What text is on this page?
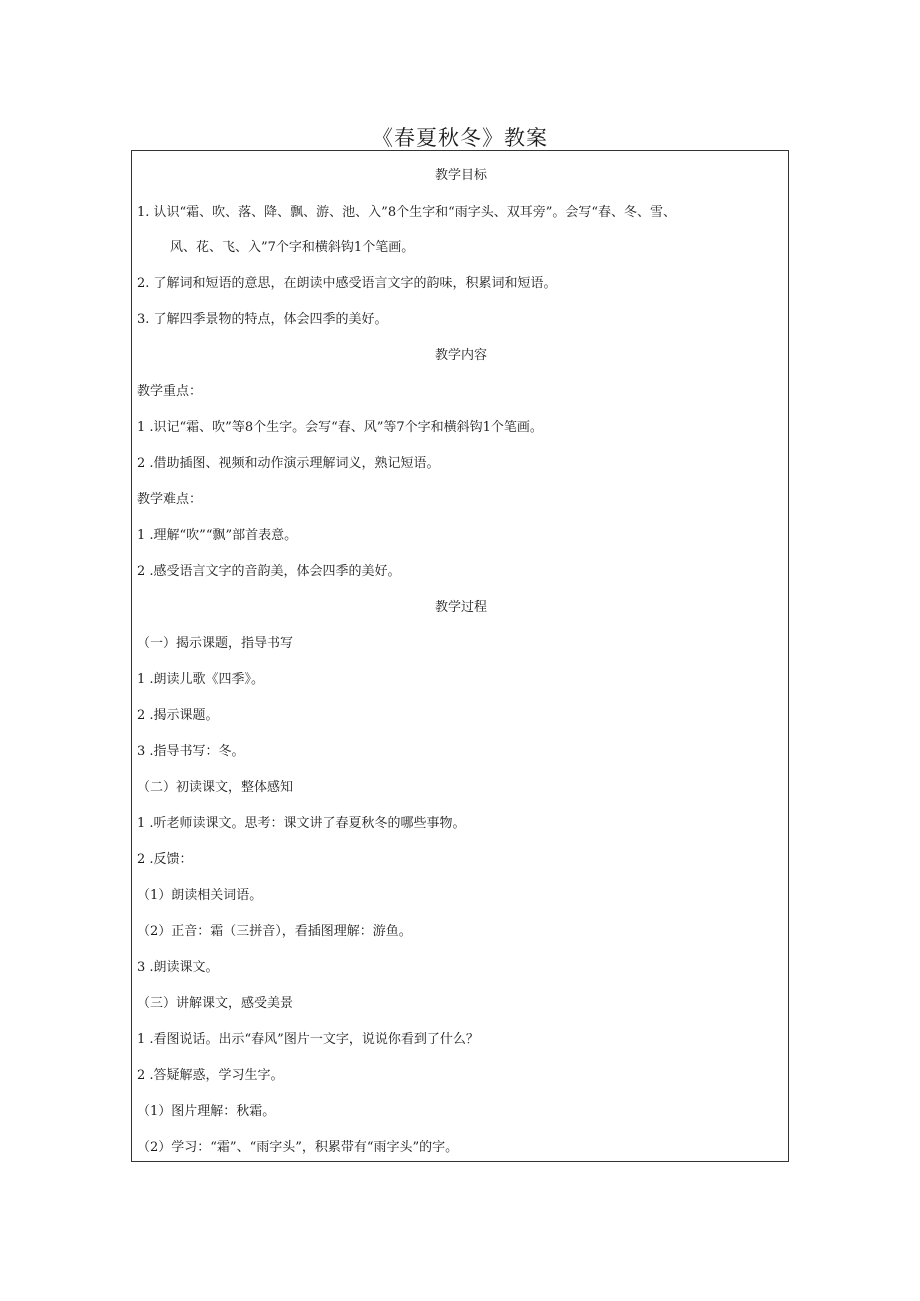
《春夏秋冬》教案
教学目标
1. 认识“霜、吹、落、降、飘、游、池、入”8个生字和“雨字头、双耳旁”。会写“春、冬、雪、
风、花、飞、入”7个字和横斜钩1个笔画。
2. 了解词和短语的意思，在朗读中感受语言文字的韵味，积累词和短语。
3. 了解四季景物的特点，体会四季的美好。
教学内容
教学重点：
1 .识记“霜、吹”等8个生字。会写“春、风”等7个字和横斜钩1个笔画。
2 .借助插图、视频和动作演示理解词义，熟记短语。
教学难点：
1 .理解“吹”“飘”部首表意。
2 .感受语言文字的音韵美，体会四季的美好。
教学过程
（一）揭示课题，指导书写
1 .朗读儿歌《四季》。
2 .揭示课题。
3 .指导书写：冬。
（二）初读课文，整体感知
1 .听老师读课文。思考：课文讲了春夏秋冬的哪些事物。
2 .反馈：
（1）朗读相关词语。
（2）正音：霜（三拼音），看插图理解：游鱼。
3 .朗读课文。
（三）讲解课文，感受美景
1 .看图说话。出示“春风”图片一文字，说说你看到了什么？
2 .答疑解惑，学习生字。
（1）图片理解：秋霜。
（2）学习：“霜”、“雨字头”，积累带有“雨字头”的字。
